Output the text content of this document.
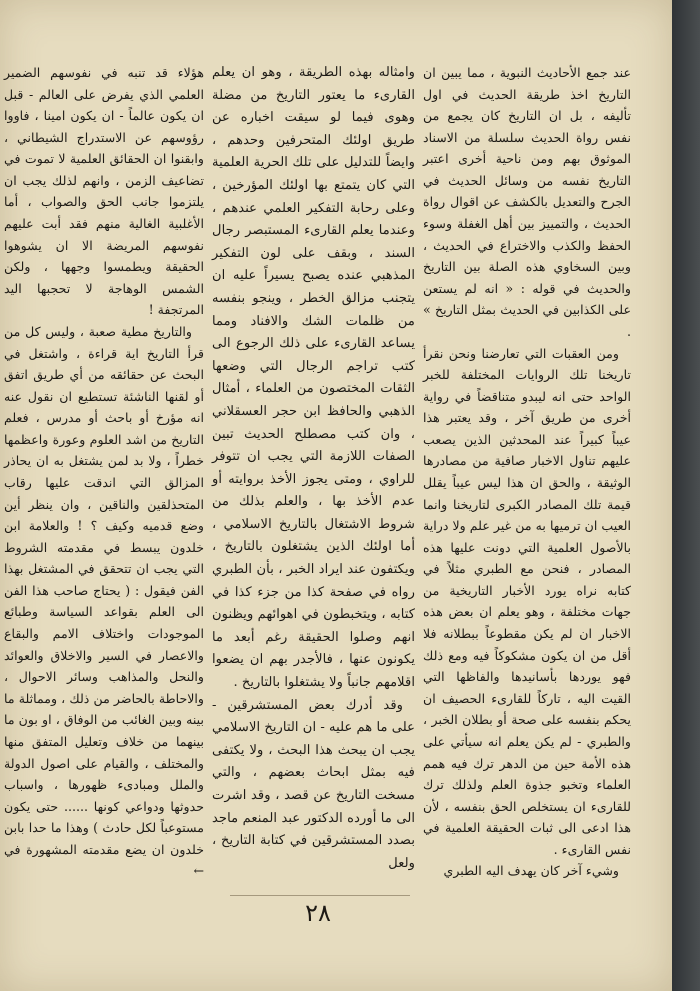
عند جمع الأحاديث النبوية ، مما يبين ان التاريخ اخذ طريقة الحديث في اول تأليفه ، بل ان التاريخ كان يجمع من نفس رواة الحديث سلسلة من الاسناد الموثوق بهم ومن ناحية أخرى اعتبر التاريخ نفسه من وسائل الحديث في الجرح والتعديل بالكشف عن اقوال رواة الحديث ، والتمييز بين أهل الغفلة وسوء الحفظ والكذب والاختراع في الحديث ، وبين السخاوي هذه الصلة بين التاريخ والحديث في قوله : « انه لم يستعن على الكذابين في الحديث بمثل التاريخ » .

ومن العقبات التي تعارضنا ونحن نقرأ تاريخنا تلك الروايات المختلفة للخبر الواحد حتى انه ليبدو متناقضاً في رواية أخرى من طريق آخر ، وقد يعتبر هذا عيباً كبيراً عند المحدثين الذين يصعب عليهم تناول الاخبار صافية من مصادرها الوثيقة ، والحق ان هذا ليس عيباً يقلل قيمة تلك المصادر الكبرى لتاريخنا وانما العيب ان ترميها به من غير علم ولا دراية بالأصول العلمية التي دونت عليها هذه المصادر ، فنحن مع الطبري مثلاً في كتابه نراه يورد الأخبار التاريخية من جهات مختلفة ، وهو يعلم ان بعض هذه الاخبار ان لم يكن مقطوعاً ببطلانه فلا أقل من ان يكون مشكوكاً فيه ومع ذلك فهو يوردها بأسانيدها والفاظها التي القيت اليه ، تاركاً للقارىء الحصيف ان يحكم بنفسه على صحة أو بطلان الخبر ، والطبري - لم يكن يعلم انه سيأتي على هذه الأمة حين من الدهر ترك فيه همم العلماء وتخبو جذوة العلم ولذلك ترك للقارىء ان يستخلص الحق بنفسه ، لأن هذا ادعى الى ثبات الحقيقة العلمية في نفس القارىء .

وشيء آخر كان يهدف اليه الطبري

وامثاله بهذه الطريقة ، وهو ان يعلم القارىء ما يعتور التاريخ من مضلة وهوى فيما لو سيقت اخباره عن طريق اولئك المتحرفين وحدهم ، وايضاً للتدليل على تلك الحرية العلمية التي كان يتمتع بها اولئك المؤرخين ، وعلى رحابة التفكير العلمي عندهم ، وعندما يعلم القارىء المستبصر رجال السند ، وبقف على لون التفكير المذهبي عنده يصبح يسيراً عليه ان يتجنب مزالق الخطر ، وينجو بنفسه من ظلمات الشك والافناد ومما يساعد القارىء على ذلك الرجوع الى كتب تراجم الرجال التي وضعها الثقات المختصون من العلماء ، أمثال الذهبي والحافظ ابن حجر العسقلاني ، وان كتب مصطلح الحديث تبين الصفات اللازمة التي يجب ان تتوفر للراوي ، ومتى يجوز الأخذ بروايته أو عدم الأخذ بها ، والعلم بذلك من شروط الاشتغال بالتاريخ الاسلامي ، أما اولئك الذين يشتغلون بالتاريخ ، ويكتفون عند ايراد الخبر ، بأن الطبري رواه في صفحة كذا من جزء كذا في كتابه ، ويتخبطون في اهوائهم ويظنون انهم وصلوا الحقيقة رغم أبعد ما يكونون عنها ، فالأجدر بهم ان يضعوا اقلامهم جانباً ولا يشتغلوا بالتاريخ .

وقد أدرك بعض المستشرقين - على ما هم عليه - ان التاريخ الاسلامي يجب ان يبحث هذا البحث ، ولا يكتفى فيه بمثل ابحاث بعضهم ، والتي مسخت التاريخ عن قصد ، وقد اشرت الى ما أورده الدكتور عبد المنعم ماجد بصدد المستشرقين في كتابة التاريخ ، ولعل

هؤلاء قد تنبه في نفوسهم الضمير العلمي الذي يفرض على العالم - قبل ان يكون عالماً - ان يكون امينا ، فاووا رؤوسهم عن الاستدراج الشيطاني ، وابقنوا ان الحقائق العلمية لا تموت في تضاعيف الزمن ، وانهم لذلك يجب ان يلتزموا جانب الحق والصواب ، أما الأغلبية الغالية منهم فقد أبت عليهم نفوسهم المريضة الا ان يشوهوا الحقيقة ويطمسوا وجهها ، ولكن الشمس الوهاجة لا تحجبها اليد المرتجفة !

والتاريخ مطية صعبة ، وليس كل من قرأ التاريخ اية قراءة ، واشتغل في البحث عن حقائقه من أي طريق اتفق أو لقنها الناشئة تستطيع ان نقول عنه انه مؤرخ أو باحث أو مدرس ، فعلم التاريخ من اشد العلوم وعورة واعظمها خطراً ، ولا بد لمن يشتغل به ان يحاذر المزالق التي اندقت عليها رقاب المتحذلقين والناقين ، وان ينظر أين وضع قدميه وكيف ؟ ! والعلامة ابن خلدون يبسط في مقدمته الشروط التي يجب ان تتحقق في المشتغل بهذا الفن فيقول : ( يحتاج صاحب هذا الفن الى العلم بقواعد السياسة وطبائع الموجودات واختلاف الامم والبقاع والاعصار في السير والاخلاق والعوائد والنحل والمذاهب وسائر الاحوال ، والاحاطة بالحاضر من ذلك ، ومماثلة ما بينه وبين الغائب من الوفاق ، او بون ما بينهما من خلاف وتعليل المتفق منها والمختلف ، والقيام على اصول الدولة والملل ومبادىء ظهورها ، واسباب حدوثها ودواعي كونها ...... حتى يكون مستوعباً لكل حادث ) وهذا ما حدا بابن خلدون ان يضع مقدمته المشهورة في ←

٢٨
